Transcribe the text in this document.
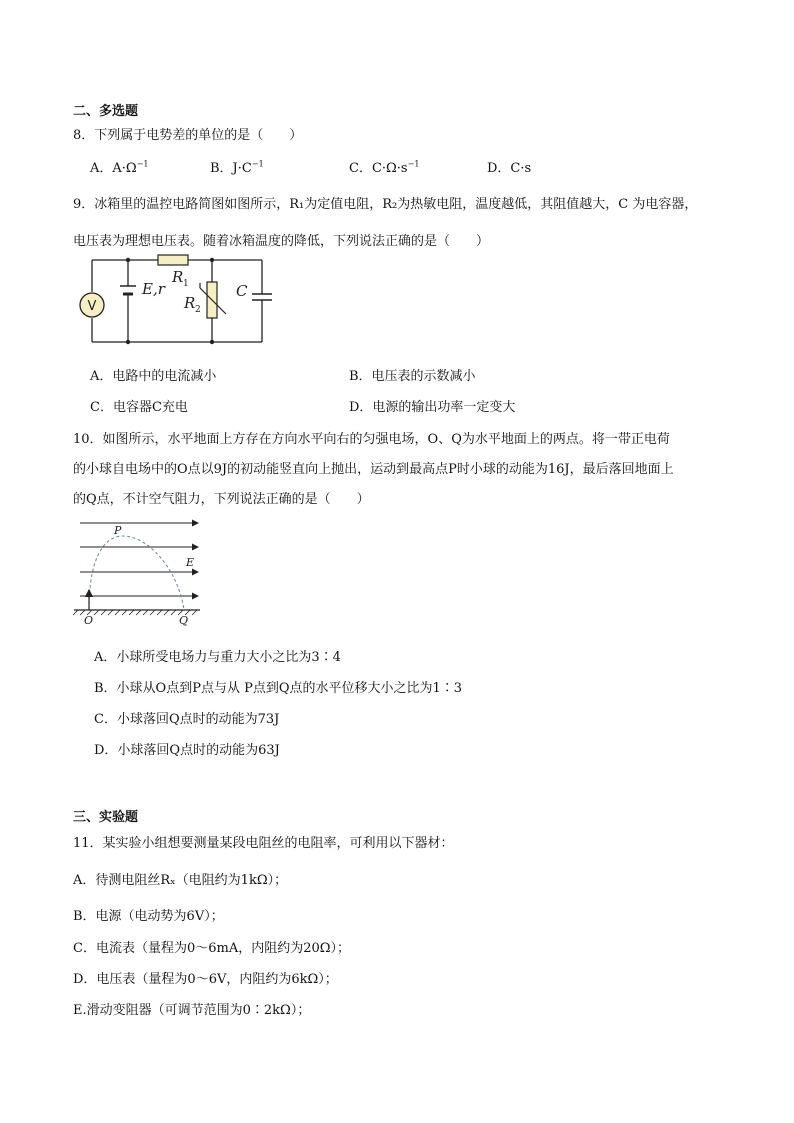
二、多选题
8．下列属于电势差的单位的是（　　）
A．$A\cdot\Omega^{-1}$	B．$J\cdot C^{-1}$	C．$C\cdot\Omega\cdot s^{-1}$	D．C·s
9．冰箱里的温控电路简图如图所示，R₁为定值电阻，R₂为热敏电阻，温度越低，其阻值越大，C 为电容器，
电压表为理想电压表。随着冰箱温度的降低，下列说法正确的是（　　）
V
E,r
R 1
R 2
C
A．电路中的电流减小	B．电压表的示数减小
C．电容器C充电	D．电源的输出功率一定变大
10．如图所示，水平地面上方存在方向水平向右的匀强电场，O、Q为水平地面上的两点。将一带正电荷
的小球自电场中的O点以9J的初动能竖直向上抛出，运动到最高点P时小球的动能为16J，最后落回地面上
的Q点，不计空气阻力，下列说法正确的是（　　）
P
E
O	Q
A．小球所受电场力与重力大小之比为3∶4
B．小球从O点到P点与从 P点到Q点的水平位移大小之比为1∶3
C．小球落回Q点时的动能为73J
D．小球落回Q点时的动能为63J
三、实验题
11．某实验小组想要测量某段电阻丝的电阻率，可利用以下器材：
A．待测电阻丝Rₓ（电阻约为1kΩ）；
B．电源（电动势为6V）；
C．电流表（量程为0～6mA，内阻约为20Ω）；
D．电压表（量程为0～6V，内阻约为6kΩ）；
E.滑动变阻器（可调节范围为0∶2kΩ）；
